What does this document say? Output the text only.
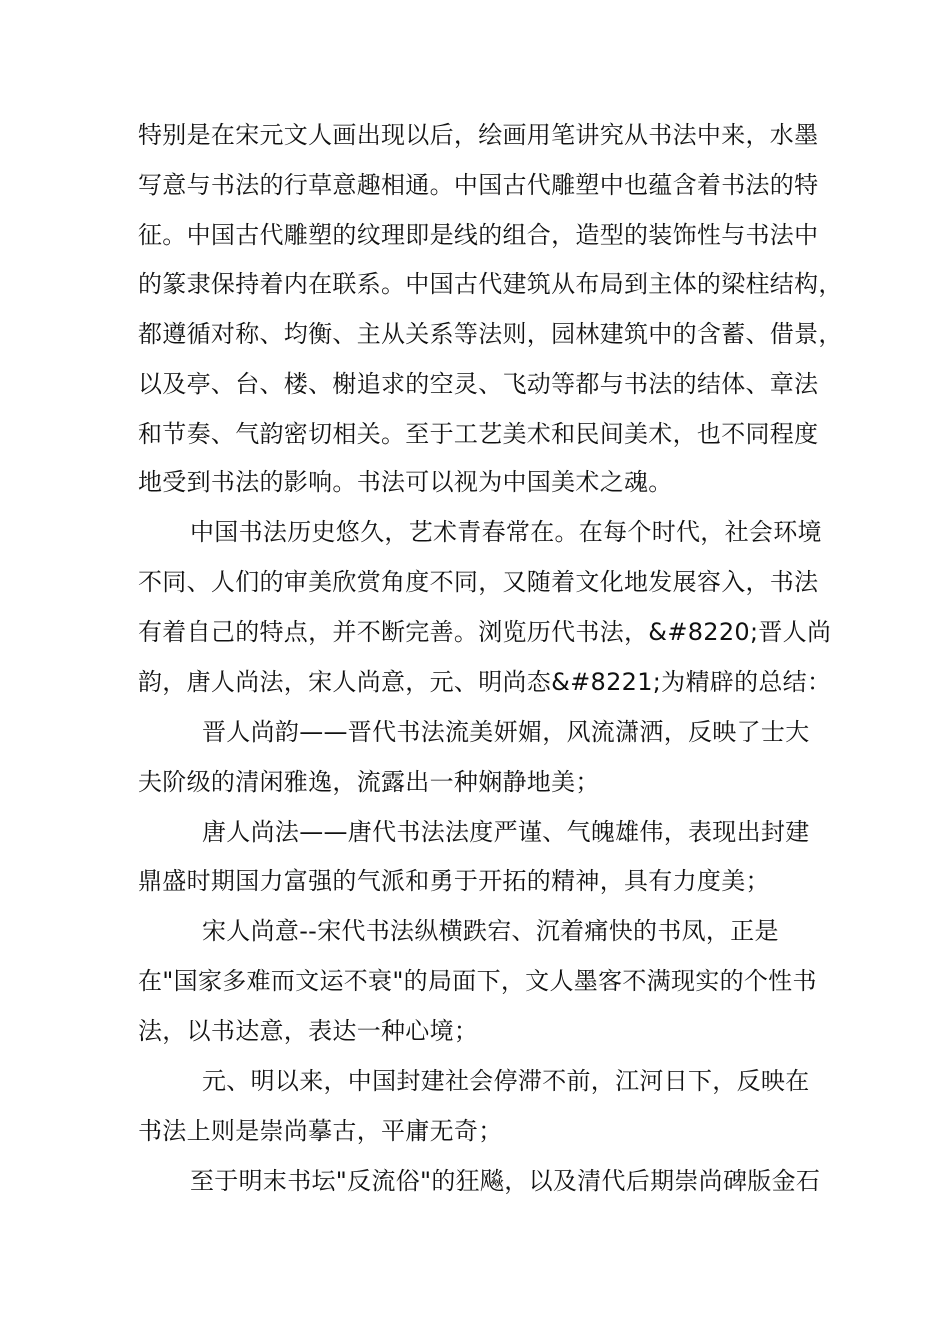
特别是在宋元文人画出现以后，绘画用笔讲究从书法中来，水墨
写意与书法的行草意趣相通。中国古代雕塑中也蕴含着书法的特
征。中国古代雕塑的纹理即是线的组合，造型的装饰性与书法中
的篆隶保持着内在联系。中国古代建筑从布局到主体的梁柱结构，
都遵循对称、均衡、主从关系等法则，园林建筑中的含蓄、借景，
以及亭、台、楼、榭追求的空灵、飞动等都与书法的结体、章法
和节奏、气韵密切相关。至于工艺美术和民间美术，也不同程度
地受到书法的影响。书法可以视为中国美术之魂。
中国书法历史悠久，艺术青春常在。在每个时代，社会环境
不同、人们的审美欣赏角度不同，又随着文化地发展容入，书法
有着自己的特点，并不断完善。浏览历代书法，&#8220;晋人尚
韵，唐人尚法，宋人尚意，元、明尚态&#8221;为精辟的总结：
晋人尚韵——晋代书法流美妍媚，风流潇洒，反映了士大
夫阶级的清闲雅逸，流露出一种娴静地美；
唐人尚法——唐代书法法度严谨、气魄雄伟，表现出封建
鼎盛时期国力富强的气派和勇于开拓的精神，具有力度美；
宋人尚意--宋代书法纵横跌宕、沉着痛快的书凤，正是
在"国家多难而文运不衰"的局面下，文人墨客不满现实的个性书
法，以书达意，表达一种心境；
元、明以来，中国封建社会停滞不前，江河日下，反映在
书法上则是崇尚摹古，平庸无奇；
至于明末书坛"反流俗"的狂飚，以及清代后期崇尚碑版金石
